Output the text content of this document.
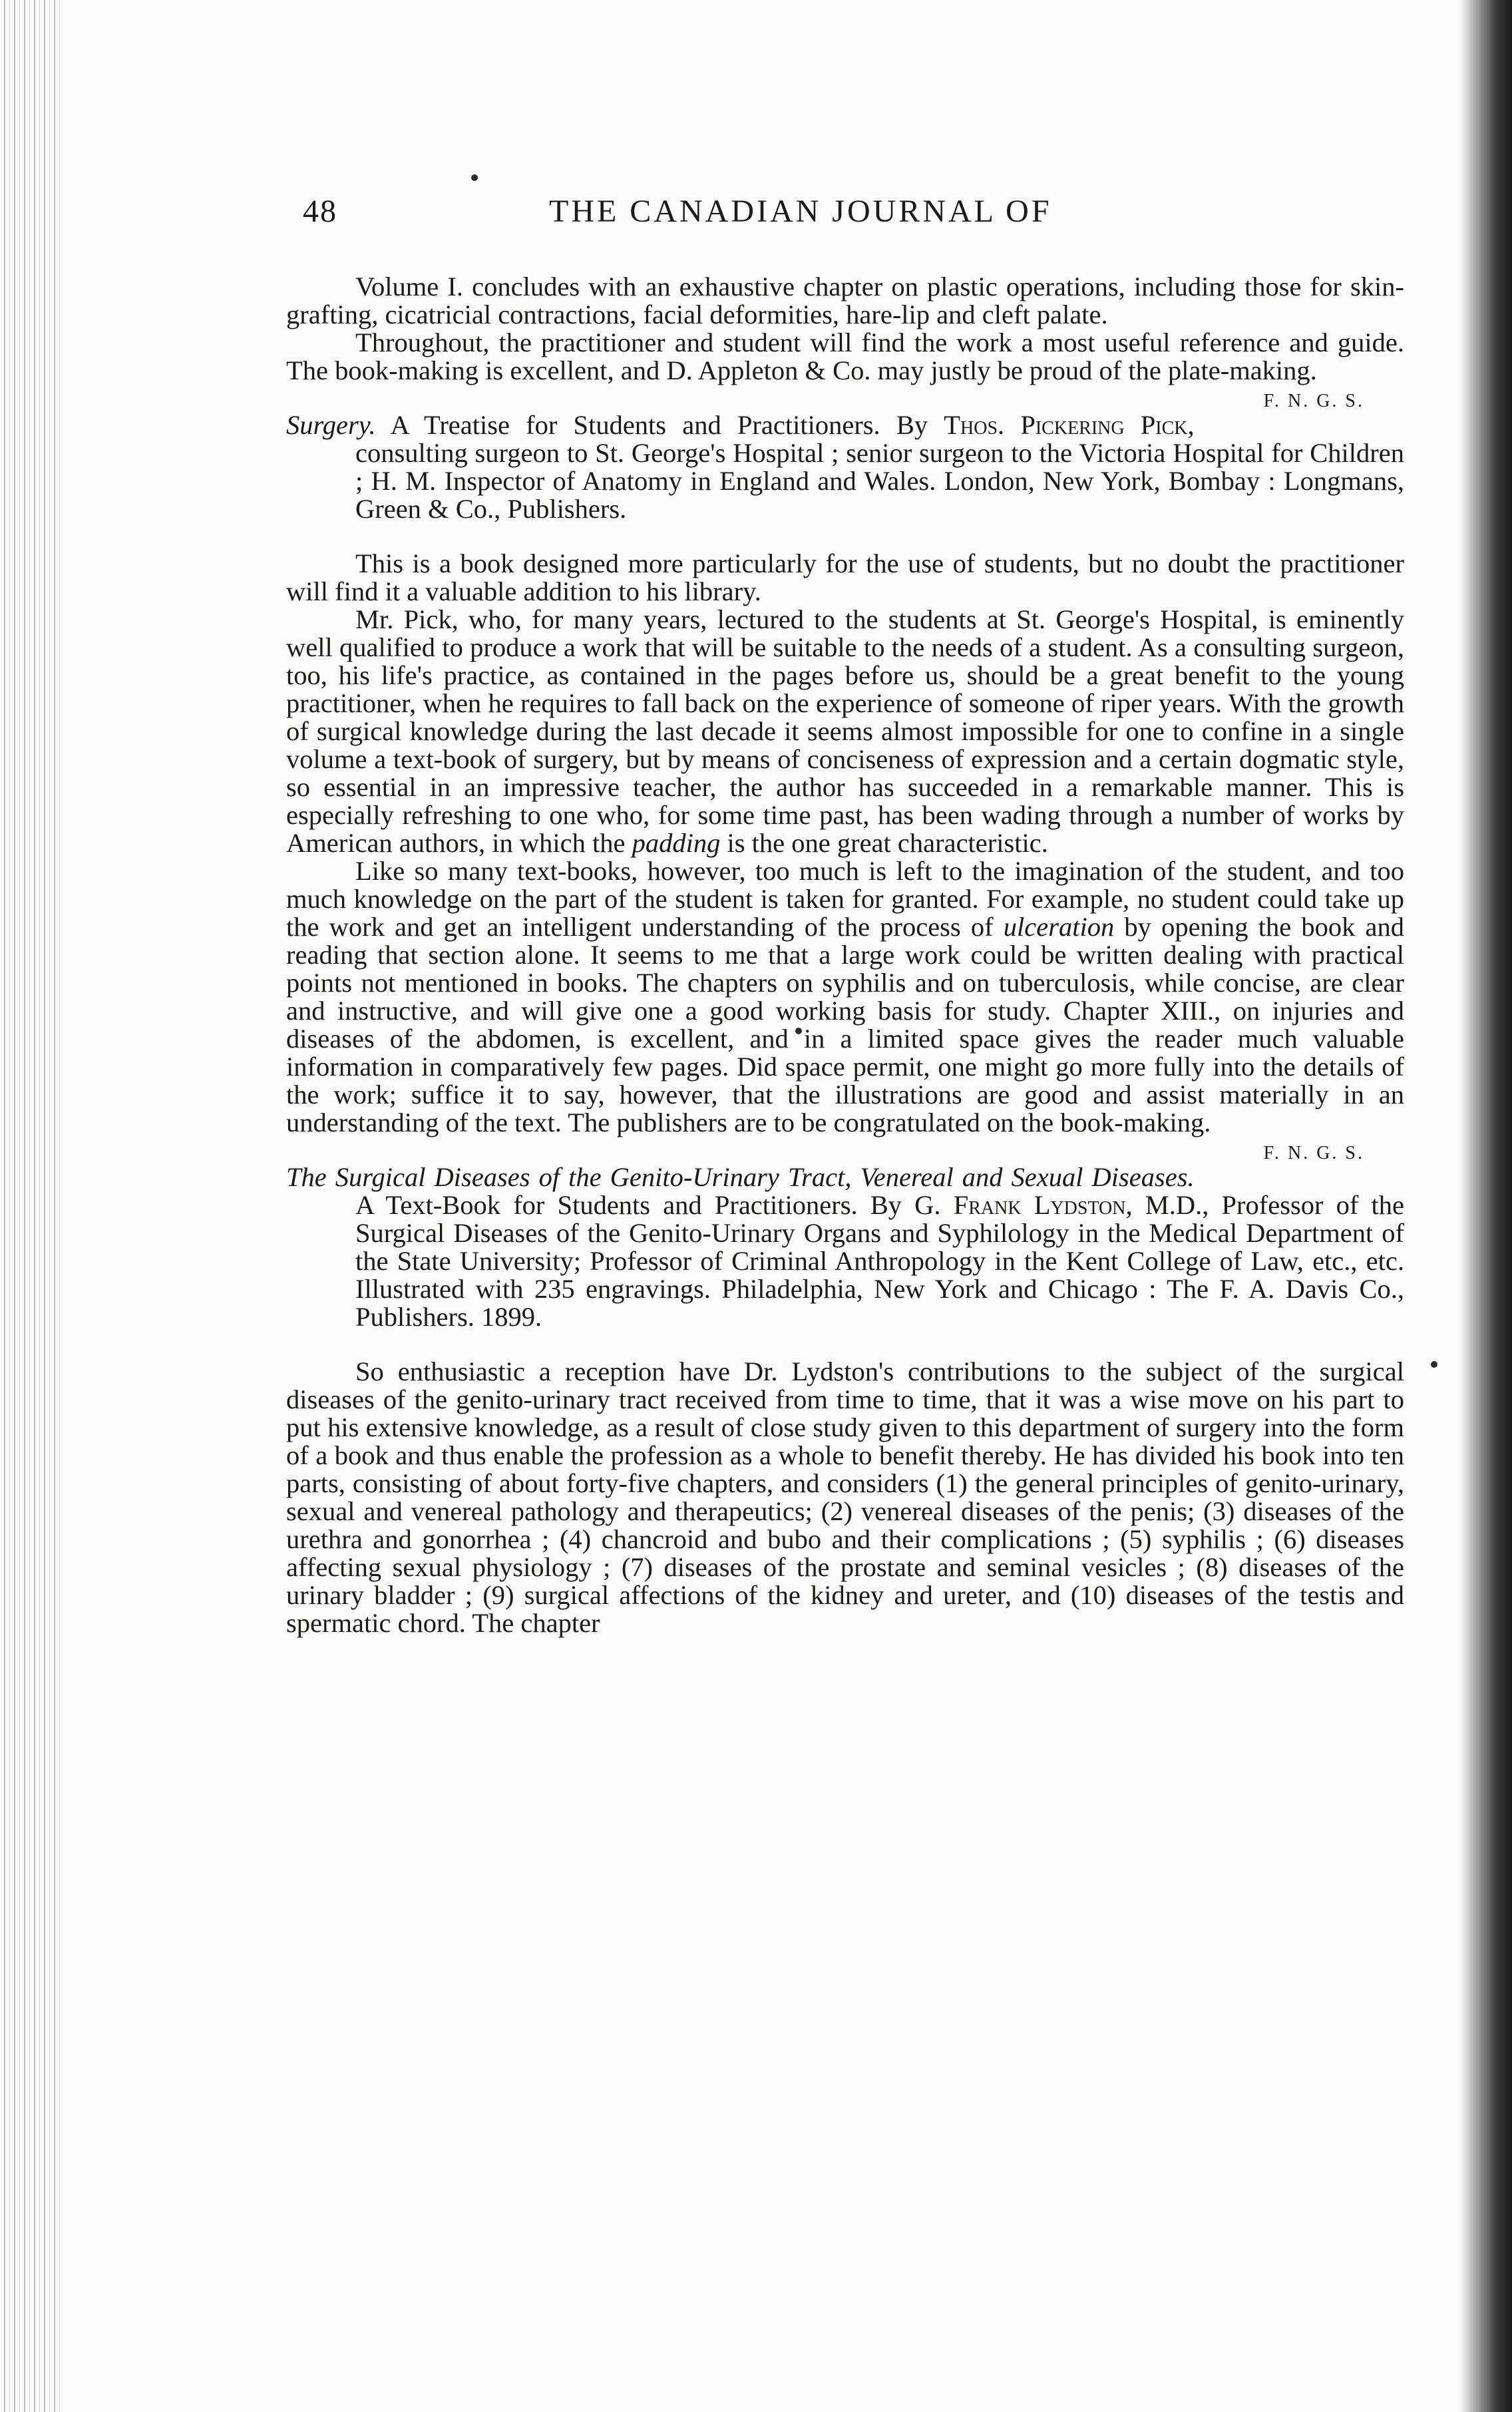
48	THE CANADIAN JOURNAL OF

Volume I. concludes with an exhaustive chapter on plastic operations, including those for skin-grafting, cicatricial contractions, facial deformities, hare-lip and cleft palate.

Throughout, the practitioner and student will find the work a most useful reference and guide. The book-making is excellent, and D. Appleton & Co. may justly be proud of the plate-making.
F. N. G. S.

Surgery. A Treatise for Students and Practitioners. By Thos. Pickering Pick, consulting surgeon to St. George's Hospital ; senior surgeon to the Victoria Hospital for Children ; H. M. Inspector of Anatomy in England and Wales. London, New York, Bombay : Longmans, Green & Co., Publishers.

This is a book designed more particularly for the use of students, but no doubt the practitioner will find it a valuable addition to his library.

Mr. Pick, who, for many years, lectured to the students at St. George's Hospital, is eminently well qualified to produce a work that will be suitable to the needs of a student. As a consulting surgeon, too, his life's practice, as contained in the pages before us, should be a great benefit to the young practitioner, when he requires to fall back on the experience of someone of riper years. With the growth of surgical knowledge during the last decade it seems almost impossible for one to confine in a single volume a text-book of surgery, but by means of conciseness of expression and a certain dogmatic style, so essential in an impressive teacher, the author has succeeded in a remarkable manner. This is especially refreshing to one who, for some time past, has been wading through a number of works by American authors, in which the padding is the one great characteristic.

Like so many text-books, however, too much is left to the imagination of the student, and too much knowledge on the part of the student is taken for granted. For example, no student could take up the work and get an intelligent understanding of the process of ulceration by opening the book and reading that section alone. It seems to me that a large work could be written dealing with practical points not mentioned in books. The chapters on syphilis and on tuberculosis, while concise, are clear and instructive, and will give one a good working basis for study. Chapter XIII., on injuries and diseases of the abdomen, is excellent, and in a limited space gives the reader much valuable information in comparatively few pages. Did space permit, one might go more fully into the details of the work; suffice it to say, however, that the illustrations are good and assist materially in an understanding of the text. The publishers are to be congratulated on the book-making.
F. N. G. S.

The Surgical Diseases of the Genito-Urinary Tract, Venereal and Sexual Diseases. A Text-Book for Students and Practitioners. By G. Frank Lydston, M.D., Professor of the Surgical Diseases of the Genito-Urinary Organs and Syphilology in the Medical Department of the State University; Professor of Criminal Anthropology in the Kent College of Law, etc., etc. Illustrated with 235 engravings. Philadelphia, New York and Chicago : The F. A. Davis Co., Publishers. 1899.

So enthusiastic a reception have Dr. Lydston's contributions to the subject of the surgical diseases of the genito-urinary tract received from time to time, that it was a wise move on his part to put his extensive knowledge, as a result of close study given to this department of surgery into the form of a book and thus enable the profession as a whole to benefit thereby. He has divided his book into ten parts, consisting of about forty-five chapters, and considers (1) the general principles of genito-urinary, sexual and venereal pathology and therapeutics; (2) venereal diseases of the penis; (3) diseases of the urethra and gonorrhea ; (4) chancroid and bubo and their complications ; (5) syphilis ; (6) diseases affecting sexual physiology ; (7) diseases of the prostate and seminal vesicles ; (8) diseases of the urinary bladder ; (9) surgical affections of the kidney and ureter, and (10) diseases of the testis and spermatic chord. The chapter
